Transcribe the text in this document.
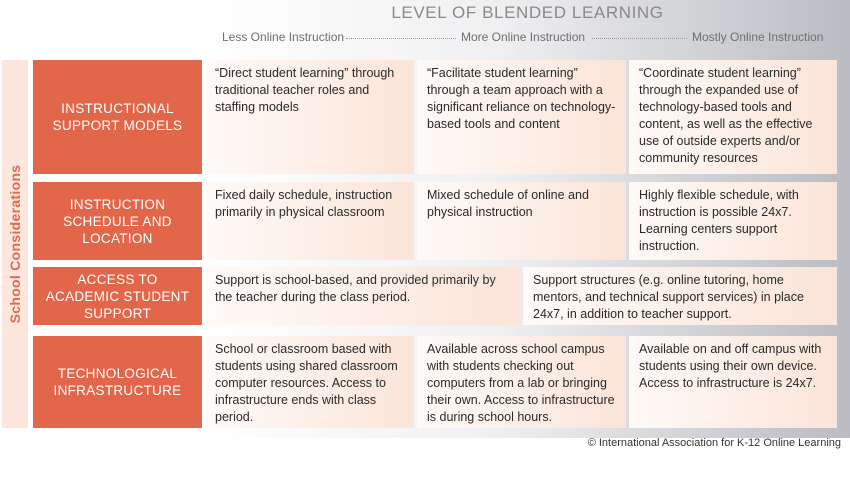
LEVEL OF BLENDED LEARNING
Less Online Instruction	More Online Instruction	Mostly Online Instruction
School Considerations
INSTRUCTIONAL SUPPORT MODELS
“Direct student learning” through traditional teacher roles and staffing models
“Facilitate student learning” through a team approach with a significant reliance on technology-based tools and content
“Coordinate student learning” through the expanded use of technology-based tools and content, as well as the effective use of outside experts and/or community resources
INSTRUCTION SCHEDULE AND LOCATION
Fixed daily schedule, instruction primarily in physical classroom
Mixed schedule of online and physical instruction
Highly flexible schedule, with instruction is possible 24x7. Learning centers support instruction.
ACCESS TO ACADEMIC STUDENT SUPPORT
Support is school-based, and provided primarily by the teacher during the class period.
Support structures (e.g. online tutoring, home mentors, and technical support services) in place 24x7, in addition to teacher support.
TECHNOLOGICAL INFRASTRUCTURE
School or classroom based with students using shared classroom computer resources. Access to infrastructure ends with class period.
Available across school campus with students checking out computers from a lab or bringing their own. Access to infrastructure is during school hours.
Available on and off campus with students using their own device. Access to infrastructure is 24x7.
© International Association for K-12 Online Learning
